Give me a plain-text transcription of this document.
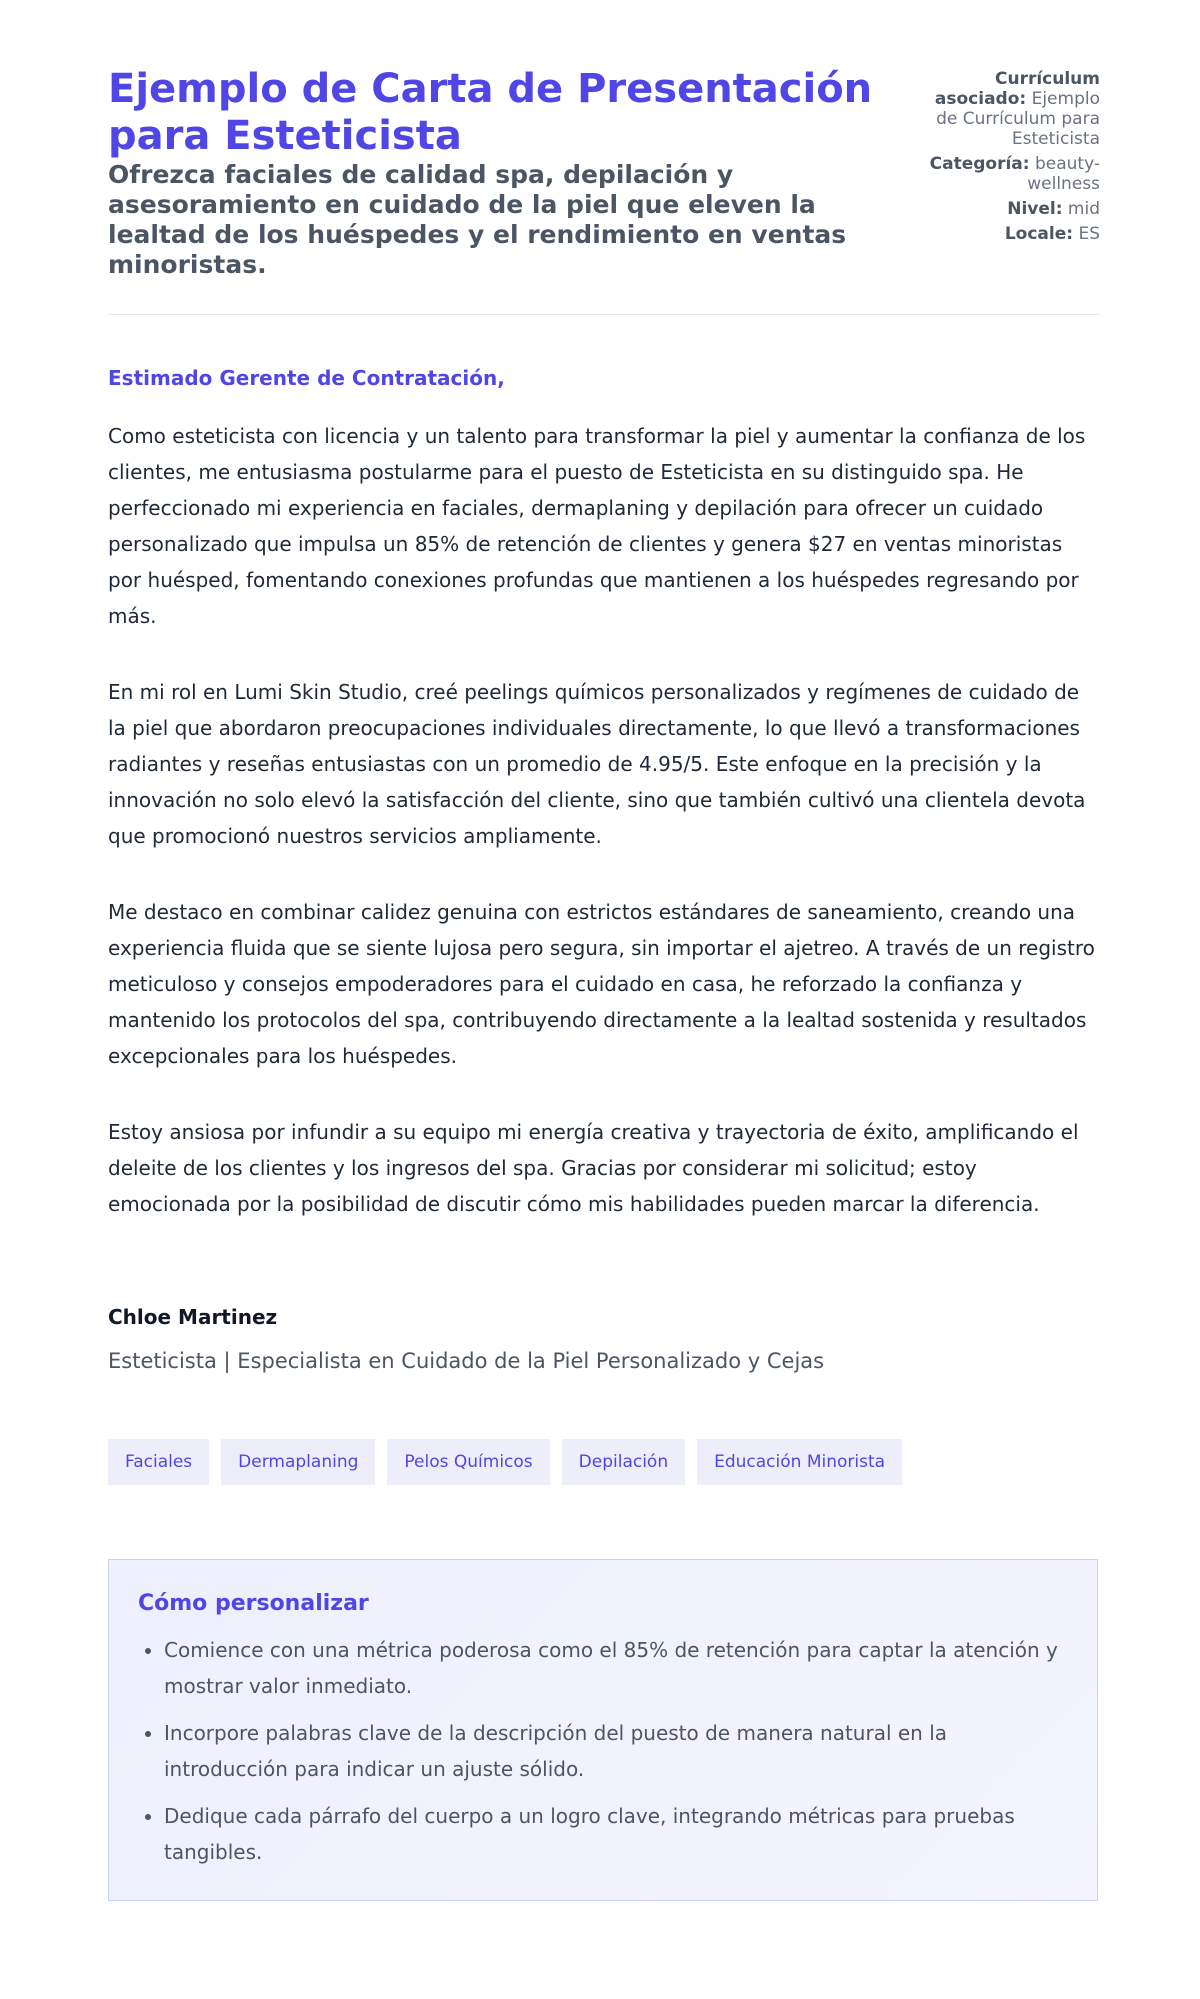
Ejemplo de Carta de Presentación para Esteticista

Ofrezca faciales de calidad spa, depilación y asesoramiento en cuidado de la piel que eleven la lealtad de los huéspedes y el rendimiento en ventas minoristas.

Currículum asociado: Ejemplo de Currículum para Esteticista
Categoría: beauty-wellness
Nivel: mid
Locale: ES
Estimado Gerente de Contratación,

Como esteticista con licencia y un talento para transformar la piel y aumentar la confianza de los clientes, me entusiasma postularme para el puesto de Esteticista en su distinguido spa. He perfeccionado mi experiencia en faciales, dermaplaning y depilación para ofrecer un cuidado personalizado que impulsa un 85% de retención de clientes y genera $27 en ventas minoristas por huésped, fomentando conexiones profundas que mantienen a los huéspedes regresando por más.

En mi rol en Lumi Skin Studio, creé peelings químicos personalizados y regímenes de cuidado de la piel que abordaron preocupaciones individuales directamente, lo que llevó a transformaciones radiantes y reseñas entusiastas con un promedio de 4.95/5. Este enfoque en la precisión y la innovación no solo elevó la satisfacción del cliente, sino que también cultivó una clientela devota que promocionó nuestros servicios ampliamente.

Me destaco en combinar calidez genuina con estrictos estándares de saneamiento, creando una experiencia fluida que se siente lujosa pero segura, sin importar el ajetreo. A través de un registro meticuloso y consejos empoderadores para el cuidado en casa, he reforzado la confianza y mantenido los protocolos del spa, contribuyendo directamente a la lealtad sostenida y resultados excepcionales para los huéspedes.

Estoy ansiosa por infundir a su equipo mi energía creativa y trayectoria de éxito, amplificando el deleite de los clientes y los ingresos del spa. Gracias por considerar mi solicitud; estoy emocionada por la posibilidad de discutir cómo mis habilidades pueden marcar la diferencia.

Chloe Martinez
Esteticista | Especialista en Cuidado de la Piel Personalizado y Cejas
Faciales	Dermaplaning	Pelos Químicos	Depilación	Educación Minorista
Cómo personalizar
• Comience con una métrica poderosa como el 85% de retención para captar la atención y mostrar valor inmediato.
• Incorpore palabras clave de la descripción del puesto de manera natural en la introducción para indicar un ajuste sólido.
• Dedique cada párrafo del cuerpo a un logro clave, integrando métricas para pruebas tangibles.
